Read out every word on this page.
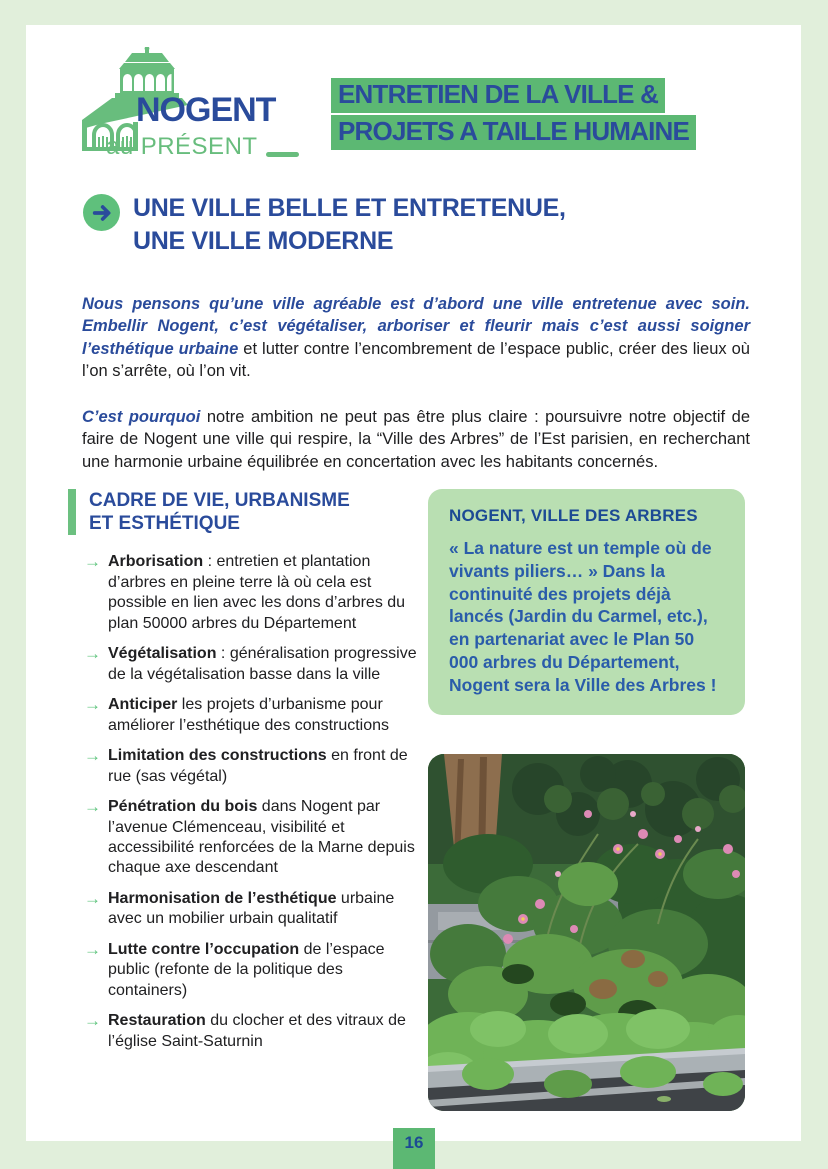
NOGENT
au PRÉSENT
ENTRETIEN DE LA VILLE &
PROJETS A TAILLE HUMAINE
UNE VILLE BELLE ET ENTRETENUE,
UNE VILLE MODERNE

Nous pensons qu’une ville agréable est d’abord une ville entretenue avec soin. Embellir Nogent, c’est végétaliser, arboriser et fleurir mais c’est aussi soigner l’esthétique urbaine et lutter contre l’encombrement de l’espace public, créer des lieux où l’on s’arrête, où l’on vit.

C’est pourquoi notre ambition ne peut pas être plus claire : poursuivre notre objectif de faire de Nogent une ville qui respire, la “Ville des Arbres” de l’Est parisien, en recherchant une harmonie urbaine équilibrée en concertation avec les habitants concernés.

CADRE DE VIE, URBANISME
ET ESTHÉTIQUE
→ Arborisation : entretien et plantation d’arbres en pleine terre là où cela est possible en lien avec les dons d’arbres du plan 50000 arbres du Département
→ Végétalisation : généralisation progressive de la végétalisation basse dans la ville
→ Anticiper les projets d’urbanisme pour améliorer l’esthétique des constructions
→ Limitation des constructions en front de rue (sas végétal)
→ Pénétration du bois dans Nogent par l’avenue Clémenceau, visibilité et accessibilité renforcées de la Marne depuis chaque axe descendant
→ Harmonisation de l’esthétique urbaine avec un mobilier urbain qualitatif
→ Lutte contre l’occupation de l’espace public (refonte de la politique des containers)
→ Restauration du clocher et des vitraux de l’église Saint-Saturnin
NOGENT, VILLE DES ARBRES

« La nature est un temple où de vivants piliers… » Dans la continuité des projets déjà lancés (Jardin du Carmel, etc.), en partenariat avec le Plan 50 000 arbres du Département, Nogent sera la Ville des Arbres !

16
